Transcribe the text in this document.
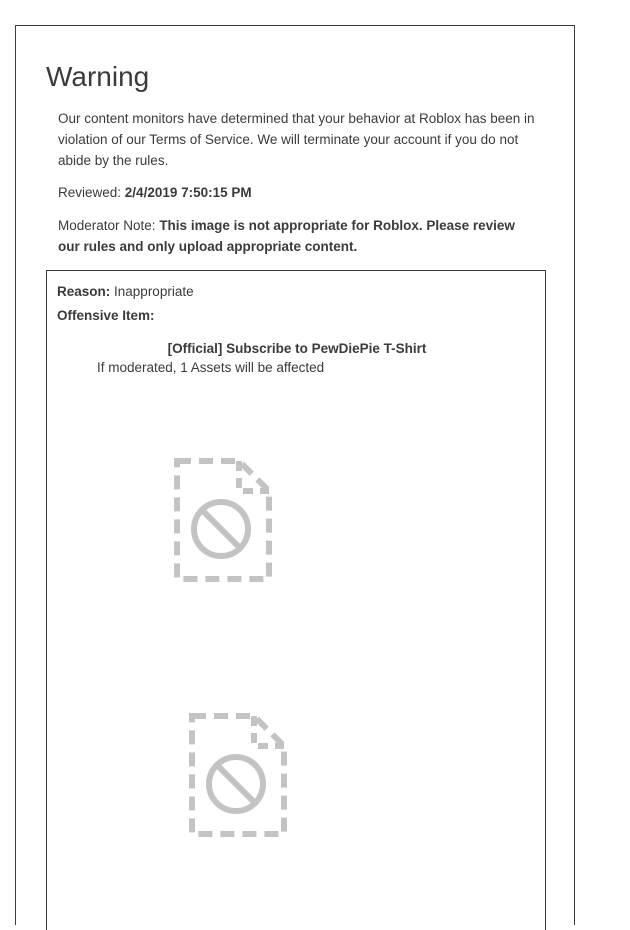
Warning
Our content monitors have determined that your behavior at Roblox has been in violation of our Terms of Service. We will terminate your account if you do not abide by the rules.
Reviewed: 2/4/2019 7:50:15 PM
Moderator Note: This image is not appropriate for Roblox. Please review our rules and only upload appropriate content.
Reason: Inappropriate
Offensive Item:
[Official] Subscribe to PewDiePie T-Shirt
If moderated, 1 Assets will be affected
